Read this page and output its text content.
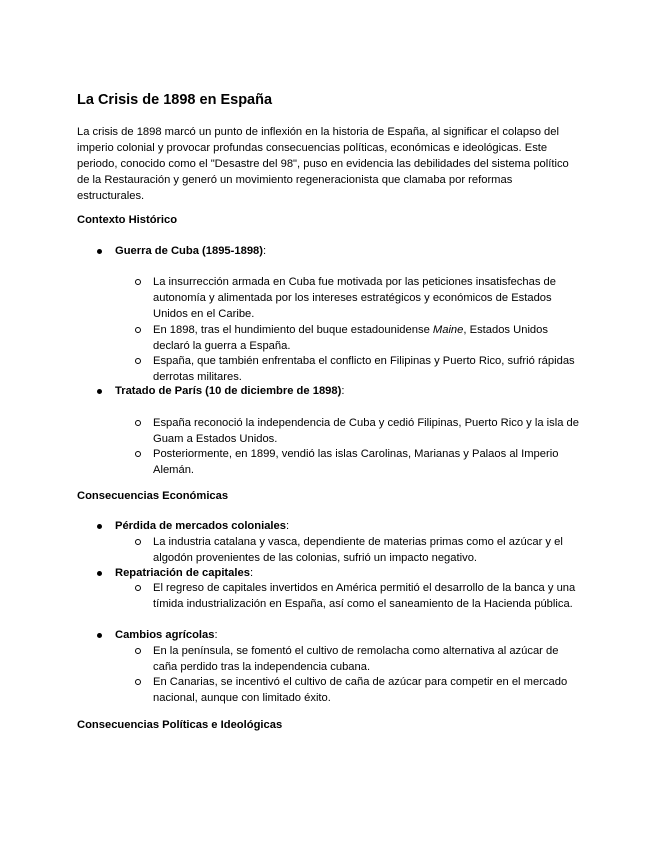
La Crisis de 1898 en España

La crisis de 1898 marcó un punto de inflexión en la historia de España, al significar el colapso del imperio colonial y provocar profundas consecuencias políticas, económicas e ideológicas. Este periodo, conocido como el "Desastre del 98", puso en evidencia las debilidades del sistema político de la Restauración y generó un movimiento regeneracionista que clamaba por reformas estructurales.

Contexto Histórico
Guerra de Cuba (1895-1898):
La insurrección armada en Cuba fue motivada por las peticiones insatisfechas de autonomía y alimentada por los intereses estratégicos y económicos de Estados Unidos en el Caribe.
En 1898, tras el hundimiento del buque estadounidense Maine, Estados Unidos declaró la guerra a España.
España, que también enfrentaba el conflicto en Filipinas y Puerto Rico, sufrió rápidas derrotas militares.
Tratado de París (10 de diciembre de 1898):
España reconoció la independencia de Cuba y cedió Filipinas, Puerto Rico y la isla de Guam a Estados Unidos.
Posteriormente, en 1899, vendió las islas Carolinas, Marianas y Palaos al Imperio Alemán.
Consecuencias Económicas
Pérdida de mercados coloniales:
La industria catalana y vasca, dependiente de materias primas como el azúcar y el algodón provenientes de las colonias, sufrió un impacto negativo.
Repatriación de capitales:
El regreso de capitales invertidos en América permitió el desarrollo de la banca y una tímida industrialización en España, así como el saneamiento de la Hacienda pública.
Cambios agrícolas:
En la península, se fomentó el cultivo de remolacha como alternativa al azúcar de caña perdido tras la independencia cubana.
En Canarias, se incentivó el cultivo de caña de azúcar para competir en el mercado nacional, aunque con limitado éxito.
Consecuencias Políticas e Ideológicas
